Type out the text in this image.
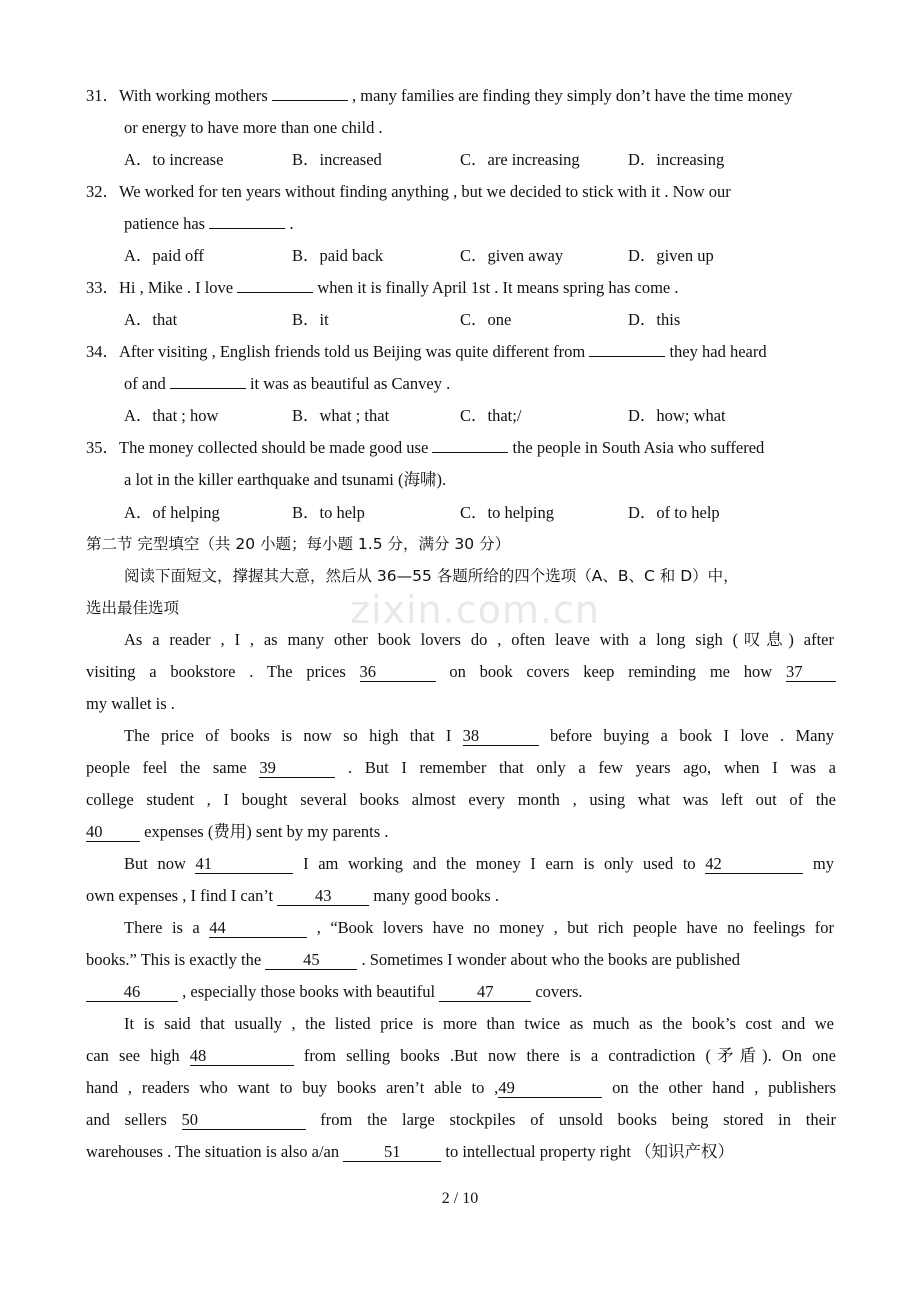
31．With working mothers	, many families are finding they simply don’t have the time money
or energy to have more than one child .
A．to increase	B．increased	C．are increasing	D．increasing
32．We worked for ten years without finding anything , but we decided to stick with it . Now our
patience has	.
A．paid off	B．paid back	C．given away	D．given up
33．Hi , Mike . I love	when it is finally April 1st . It means spring has come .
A．that	B．it	C．one	D．this
34．After visiting , English friends told us Beijing was quite different from	they had heard
of and	it was as beautiful as Canvey .
A．that ; how	B．what ; that	C．that;/	D．how; what
35．The money collected should be made good use	the people in South Asia who suffered
a lot in the killer earthquake and tsunami (海啸).
A．of helping	B．to help	C．to helping	D．of to help
第二节 完型填空（共 20 小题；每小题 1.5 分，满分 30 分）
阅读下面短文，撑握其大意，然后从 36—55 各题所给的四个选项（A、B、C 和 D）中，
选出最佳选项	zixin.com.cn
As a reader , I , as many other book lovers do , often leave with a long sigh (叹息) after
visiting a bookstore . The prices 36	on book covers keep reminding me how 37
my wallet is .
The price of books is now so high that I 38	before buying a book I love . Many
people feel the same 39	. But I remember that only a few years ago, when I was a
college student , I bought several books almost every month , using what was left out of the
40 expenses (费用) sent by my parents .
But now 41	I am working and the money I earn is only used to 42	my
own expenses , I find I can’t 43 many good books .
There is a 44	, “Book lovers have no money , but rich people have no feelings for
books.” This is exactly the 45 . Sometimes I wonder about who the books are published
46 , especially those books with beautiful 47 covers.
It is said that usually , the listed price is more than twice as much as the book’s cost and we
can see high 48	from selling books .But now there is a contradiction (矛盾). On one
hand , readers who want to buy books aren’t able to ,49	on the other hand , publishers
and sellers 50	from the large stockpiles of unsold books being stored in their
warehouses . The situation is also a/an 51 to intellectual property right （知识产权）
2 / 10
